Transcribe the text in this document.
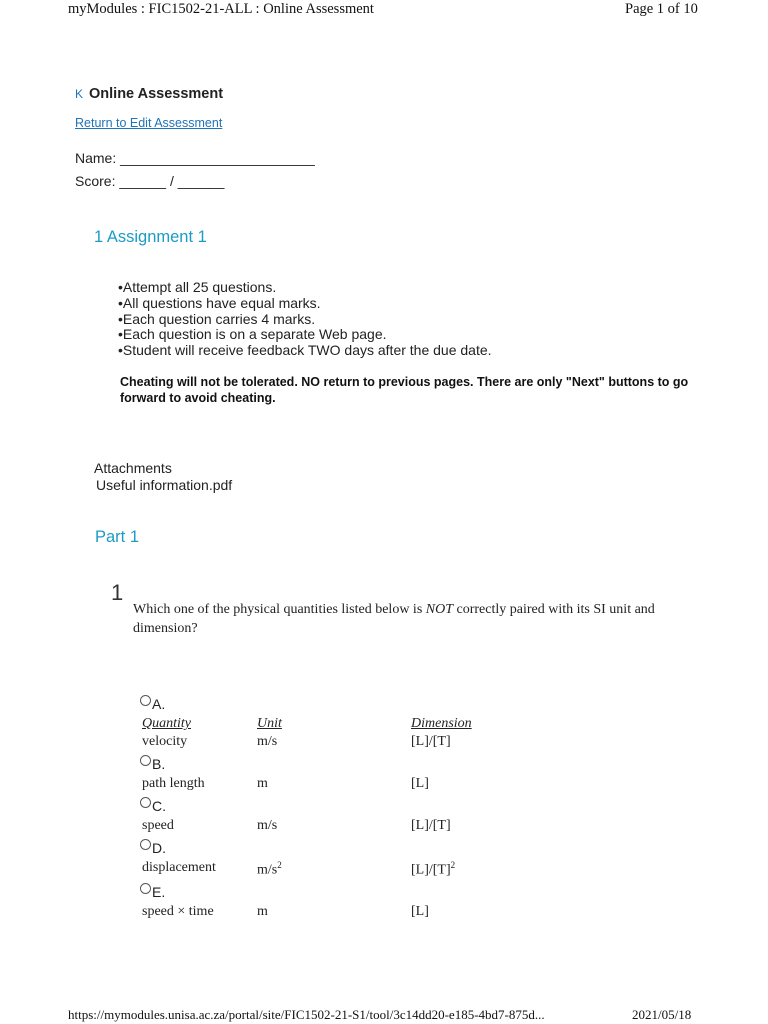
myModules : FIC1502-21-ALL : Online Assessment	Page 1 of 10
K Online Assessment
Return to Edit Assessment
Name: _________________________
Score: ______ / ______
1 Assignment 1
• Attempt all 25 questions.
• All questions have equal marks.
• Each question carries 4 marks.
• Each question is on a separate Web page.
• Student will receive feedback TWO days after the due date.
Cheating will not be tolerated. NO return to previous pages. There are only "Next" buttons to go forward to avoid cheating.
Attachments
Useful information.pdf
Part 1
1
Which one of the physical quantities listed below is NOT correctly paired with its SI unit and dimension?
A.
Quantity	Unit	Dimension
velocity	m/s	[L]/[T]
B.
path length	m	[L]
C.
speed	m/s	[L]/[T]
D.
displacement	$m/s^2$	$[L]/[T]^2$
E.
speed × time	m	[L]
https://mymodules.unisa.ac.za/portal/site/FIC1502-21-S1/tool/3c14dd20-e185-4bd7-875d...	2021/05/18
